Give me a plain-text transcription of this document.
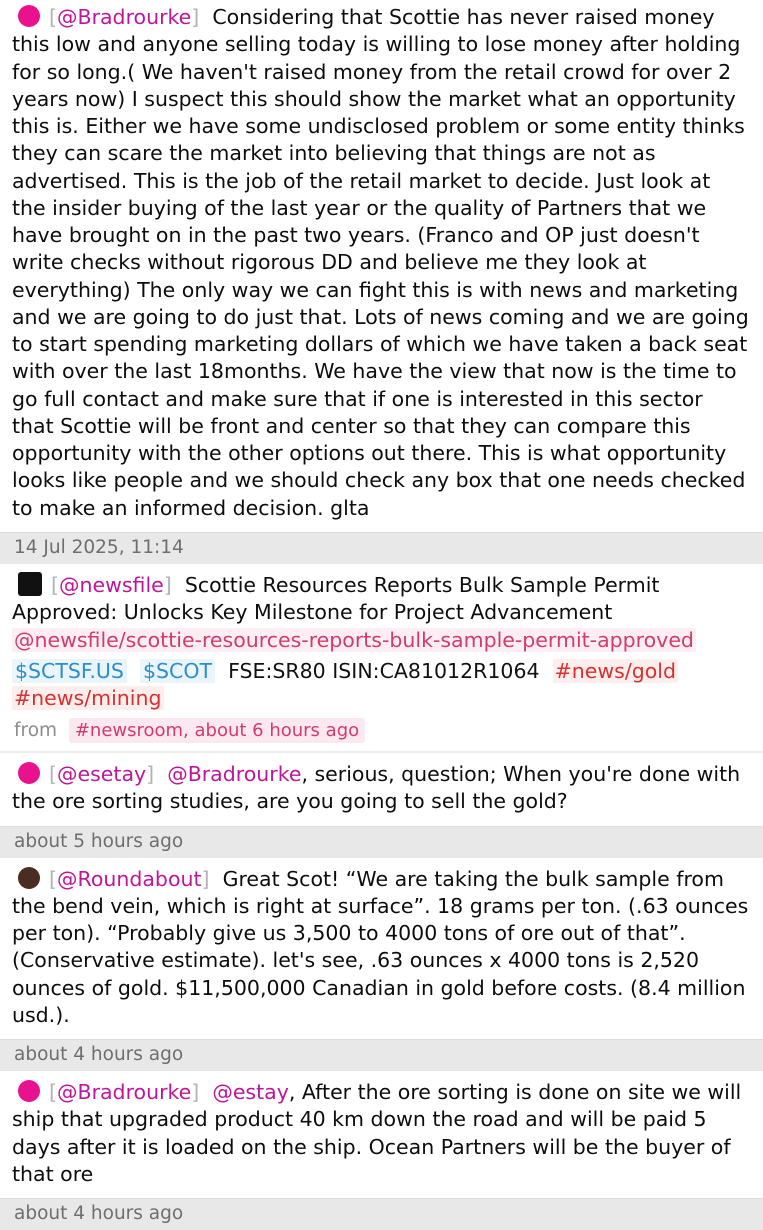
[@Bradrourke] Considering that Scottie has never raised money this low and anyone selling today is willing to lose money after holding for so long.( We haven't raised money from the retail crowd for over 2 years now) I suspect this should show the market what an opportunity this is. Either we have some undisclosed problem or some entity thinks they can scare the market into believing that things are not as advertised. This is the job of the retail market to decide. Just look at the insider buying of the last year or the quality of Partners that we have brought on in the past two years. (Franco and OP just doesn't write checks without rigorous DD and believe me they look at everything) The only way we can fight this is with news and marketing and we are going to do just that. Lots of news coming and we are going to start spending marketing dollars of which we have taken a back seat with over the last 18months. We have the view that now is the time to go full contact and make sure that if one is interested in this sector that Scottie will be front and center so that they can compare this opportunity with the other options out there. This is what opportunity looks like people and we should check any box that one needs checked to make an informed decision. glta
14 Jul 2025, 11:14
[@newsfile] Scottie Resources Reports Bulk Sample Permit Approved: Unlocks Key Milestone for Project Advancement
@newsfile/scottie-resources-reports-bulk-sample-permit-approved
$SCTSF.US $SCOT FSE:SR80 ISIN:CA81012R1064 #news/gold #news/mining
from #newsroom, about 6 hours ago
[@esetay] @Bradrourke, serious, question; When you're done with the ore sorting studies, are you going to sell the gold?
about 5 hours ago
[@Roundabout] Great Scot! “We are taking the bulk sample from the bend vein, which is right at surface”. 18 grams per ton. (.63 ounces per ton). “Probably give us 3,500 to 4000 tons of ore out of that”. (Conservative estimate). let's see, .63 ounces x 4000 tons is 2,520 ounces of gold. $11,500,000 Canadian in gold before costs. (8.4 million usd.).
about 4 hours ago
[@Bradrourke] @estay, After the ore sorting is done on site we will ship that upgraded product 40 km down the road and will be paid 5 days after it is loaded on the ship. Ocean Partners will be the buyer of that ore
about 4 hours ago
